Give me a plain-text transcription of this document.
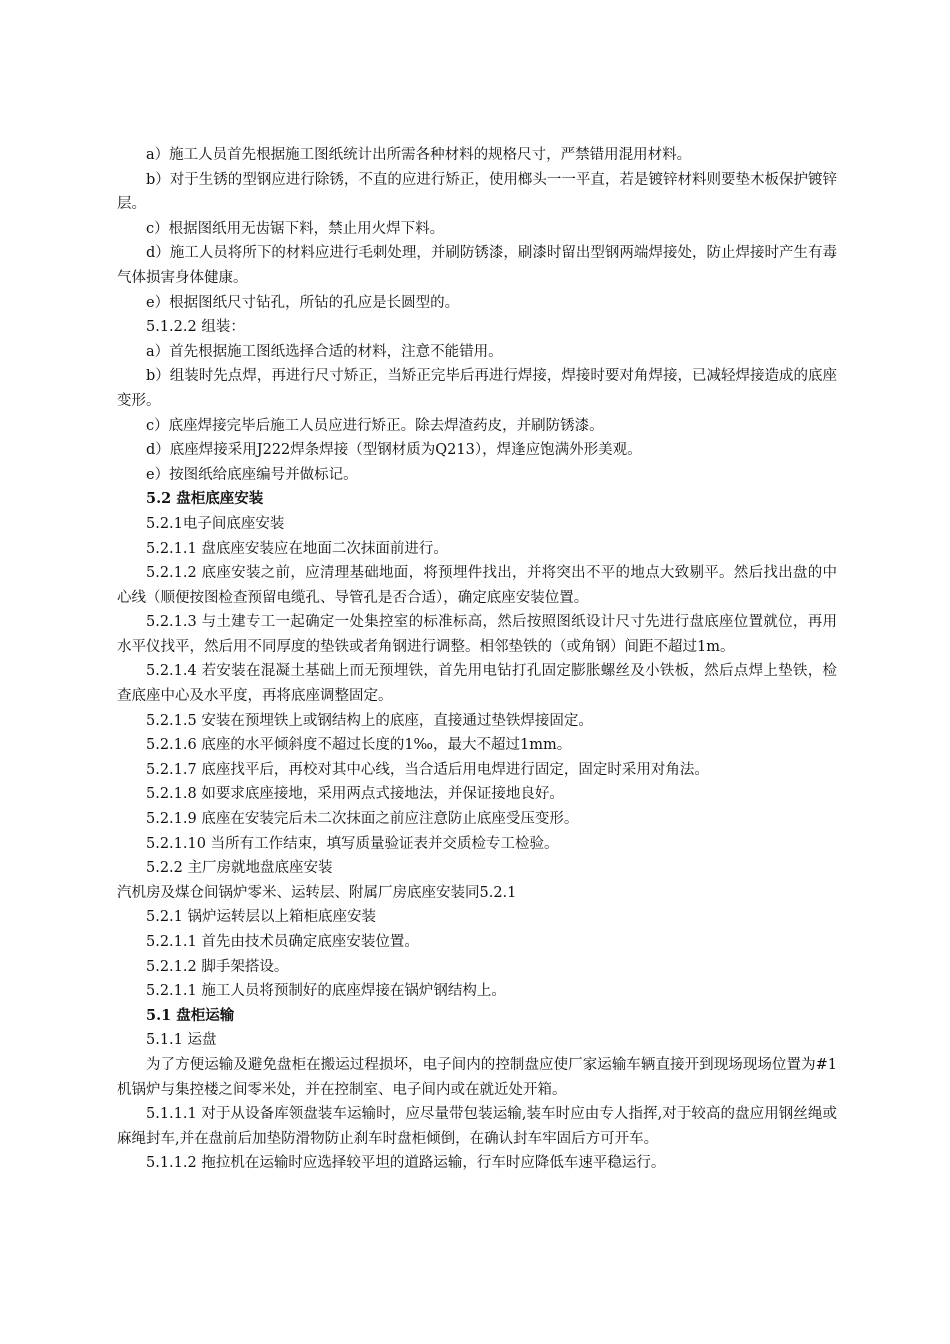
a）施工人员首先根据施工图纸统计出所需各种材料的规格尺寸，严禁错用混用材料。

b）对于生锈的型钢应进行除锈，不直的应进行矫正，使用榔头一一平直，若是镀锌材料则要垫木板保护镀锌层。

c）根据图纸用无齿锯下料，禁止用火焊下料。

d）施工人员将所下的材料应进行毛刺处理，并刷防锈漆，刷漆时留出型钢两端焊接处，防止焊接时产生有毒气体损害身体健康。

e）根据图纸尺寸钻孔，所钻的孔应是长圆型的。

5.1.2.2 组装：

a）首先根据施工图纸选择合适的材料，注意不能错用。

b）组装时先点焊，再进行尺寸矫正，当矫正完毕后再进行焊接，焊接时要对角焊接，已减轻焊接造成的底座变形。

c）底座焊接完毕后施工人员应进行矫正。除去焊渣药皮，并刷防锈漆。

d）底座焊接采用J222焊条焊接（型钢材质为Q213），焊逢应饱满外形美观。

e）按图纸给底座编号并做标记。

5.2 盘柜底座安装

5.2.1电子间底座安装

5.2.1.1 盘底座安装应在地面二次抹面前进行。

5.2.1.2 底座安装之前，应清理基础地面，将预埋件找出，并将突出不平的地点大致剔平。然后找出盘的中心线（顺便按图检查预留电缆孔、导管孔是否合适），确定底座安装位置。

5.2.1.3 与土建专工一起确定一处集控室的标准标高，然后按照图纸设计尺寸先进行盘底座位置就位，再用水平仪找平，然后用不同厚度的垫铁或者角钢进行调整。相邻垫铁的（或角钢）间距不超过1m。

5.2.1.4 若安装在混凝土基础上而无预埋铁，首先用电钻打孔固定膨胀螺丝及小铁板，然后点焊上垫铁，检查底座中心及水平度，再将底座调整固定。

5.2.1.5 安装在预埋铁上或钢结构上的底座，直接通过垫铁焊接固定。

5.2.1.6 底座的水平倾斜度不超过长度的1‰，最大不超过1mm。

5.2.1.7 底座找平后，再校对其中心线，当合适后用电焊进行固定，固定时采用对角法。

5.2.1.8 如要求底座接地，采用两点式接地法，并保证接地良好。

5.2.1.9 底座在安装完后未二次抹面之前应注意防止底座受压变形。

5.2.1.10 当所有工作结束，填写质量验证表并交质检专工检验。

5.2.2 主厂房就地盘底座安装

汽机房及煤仓间锅炉零米、运转层、附属厂房底座安装同5.2.1

5.2.1 锅炉运转层以上箱柜底座安装

5.2.1.1 首先由技术员确定底座安装位置。

5.2.1.2 脚手架搭设。

5.2.1.1 施工人员将预制好的底座焊接在锅炉钢结构上。

5.1 盘柜运输

5.1.1 运盘

为了方便运输及避免盘柜在搬运过程损坏，电子间内的控制盘应使厂家运输车辆直接开到现场现场位置为#1机锅炉与集控楼之间零米处，并在控制室、电子间内或在就近处开箱。

5.1.1.1 对于从设备库领盘装车运输时，应尽量带包装运输,装车时应由专人指挥,对于较高的盘应用钢丝绳或麻绳封车,并在盘前后加垫防滑物防止刹车时盘柜倾倒，在确认封车牢固后方可开车。

5.1.1.2 拖拉机在运输时应选择较平坦的道路运输，行车时应降低车速平稳运行。
